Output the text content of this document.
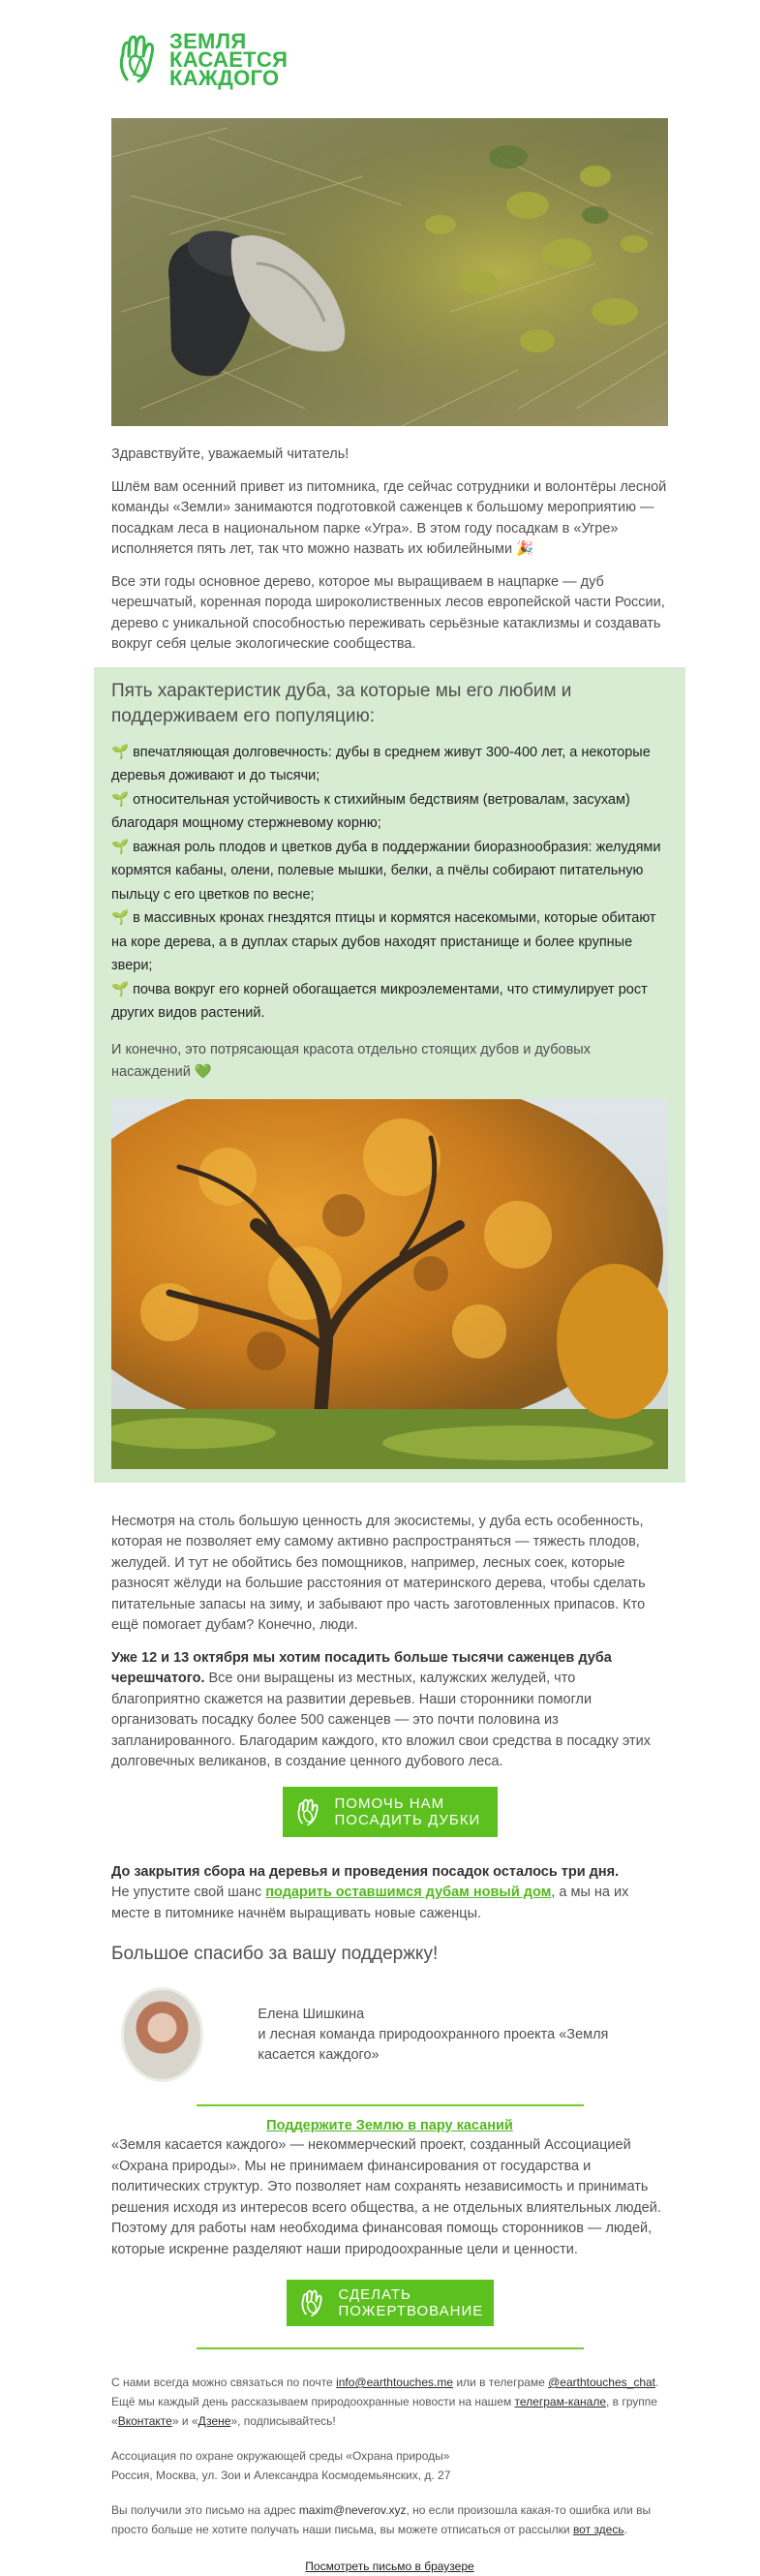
ЗЕМЛЯ
КАСАЕТСЯ
КАЖДОГО

Здравствуйте, уважаемый читатель!

Шлём вам осенний привет из питомника, где сейчас сотрудники и волонтёры лесной команды «Земли» занимаются подготовкой саженцев к большому мероприятию — посадкам леса в национальном парке «Угра». В этом году посадкам в «Угре» исполняется пять лет, так что можно назвать их юбилейными 🎉

Все эти годы основное дерево, которое мы выращиваем в нацпарке — дуб черешчатый, коренная порода широколиственных лесов европейской части России, дерево с уникальной способностью переживать серьёзные катаклизмы и создавать вокруг себя целые экологические сообщества.

Пять характеристик дуба, за которые мы его любим и поддерживаем его популяцию:
🌱 впечатляющая долговечность: дубы в среднем живут 300-400 лет, а некоторые деревья доживают и до тысячи;
🌱 относительная устойчивость к стихийным бедствиям (ветровалам, засухам) благодаря мощному стержневому корню;
🌱 важная роль плодов и цветков дуба в поддержании биоразнообразия: желудями кормятся кабаны, олени, полевые мышки, белки, а пчёлы собирают питательную пыльцу с его цветков по весне;
🌱 в массивных кронах гнездятся птицы и кормятся насекомыми, которые обитают на коре дерева, а в дуплах старых дубов находят пристанище и более крупные звери;
🌱 почва вокруг его корней обогащается микроэлементами, что стимулирует рост других видов растений.
И конечно, это потрясающая красота отдельно стоящих дубов и дубовых насаждений 💚

Несмотря на столь большую ценность для экосистемы, у дуба есть особенность, которая не позволяет ему самому активно распространяться — тяжесть плодов, желудей. И тут не обойтись без помощников, например, лесных соек, которые разносят жёлуди на большие расстояния от материнского дерева, чтобы сделать питательные запасы на зиму, и забывают про часть заготовленных припасов. Кто ещё помогает дубам? Конечно, люди.

Уже 12 и 13 октября мы хотим посадить больше тысячи саженцев дуба черешчатого. Все они выращены из местных, калужских желудей, что благоприятно скажется на развитии деревьев. Наши сторонники помогли организовать посадку более 500 саженцев — это почти половина из запланированного. Благодарим каждого, кто вложил свои средства в посадку этих долговечных великанов, в создание ценного дубового леса.

ПОМОЧЬ НАМ
ПОСАДИТЬ ДУБКИ

До закрытия сбора на деревья и проведения посадок осталось три дня.
Не упустите свой шанс подарить оставшимся дубам новый дом, а мы на их месте в питомнике начнём выращивать новые саженцы.

Большое спасибо за вашу поддержку!
Елена Шишкина
и лесная команда природоохранного проекта «Земля касается каждого»
Поддержите Землю в пару касаний

«Земля касается каждого» — некоммерческий проект, созданный Ассоциацией «Охрана природы». Мы не принимаем финансирования от государства и политических структур. Это позволяет нам сохранять независимость и принимать решения исходя из интересов всего общества, а не отдельных влиятельных людей. Поэтому для работы нам необходима финансовая помощь сторонников — людей, которые искренне разделяют наши природоохранные цели и ценности.

СДЕЛАТЬ
ПОЖЕРТВОВАНИЕ

С нами всегда можно связаться по почте info@earthtouches.me или в телеграме @earthtouches_chat. Ещё мы каждый день рассказываем природоохранные новости на нашем телеграм-канале, в группе «Вконтакте» и «Дзене», подписывайтесь!

Ассоциация по охране окружающей среды «Охрана природы»
Россия, Москва, ул. Зои и Александра Космодемьянских, д. 27

Вы получили это письмо на адрес maxim@neverov.xyz, но если произошла какая-то ошибка или вы просто больше не хотите получать наши письма, вы можете отписаться от рассылки вот здесь.

Посмотреть письмо в браузере
